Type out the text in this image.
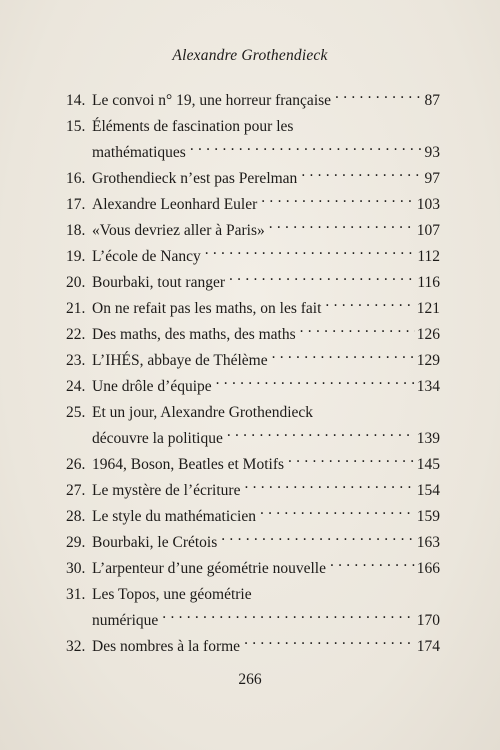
Alexandre Grothendieck
14. Le convoi n° 19, une horreur française . . .	87
15. Éléments de fascination pour les
mathématiques . . .	93
16. Grothendieck n’est pas Perelman . . .	97
17. Alexandre Leonhard Euler . . .	103
18. «Vous devriez aller à Paris» . . .	107
19. L’école de Nancy . . .	112
20. Bourbaki, tout ranger . . .	116
21. On ne refait pas les maths, on les fait . . .	121
22. Des maths, des maths, des maths . . .	126
23. L’IHÉS, abbaye de Thélème . . .	129
24. Une drôle d’équipe . . .	134
25. Et un jour, Alexandre Grothendieck
découvre la politique . . .	139
26. 1964, Boson, Beatles et Motifs . . .	145
27. Le mystère de l’écriture . . .	154
28. Le style du mathématicien . . .	159
29. Bourbaki, le Crétois . . .	163
30. L’arpenteur d’une géométrie nouvelle . . .	166
31. Les Topos, une géométrie
numérique . . .	170
32. Des nombres à la forme . . .	174
266
